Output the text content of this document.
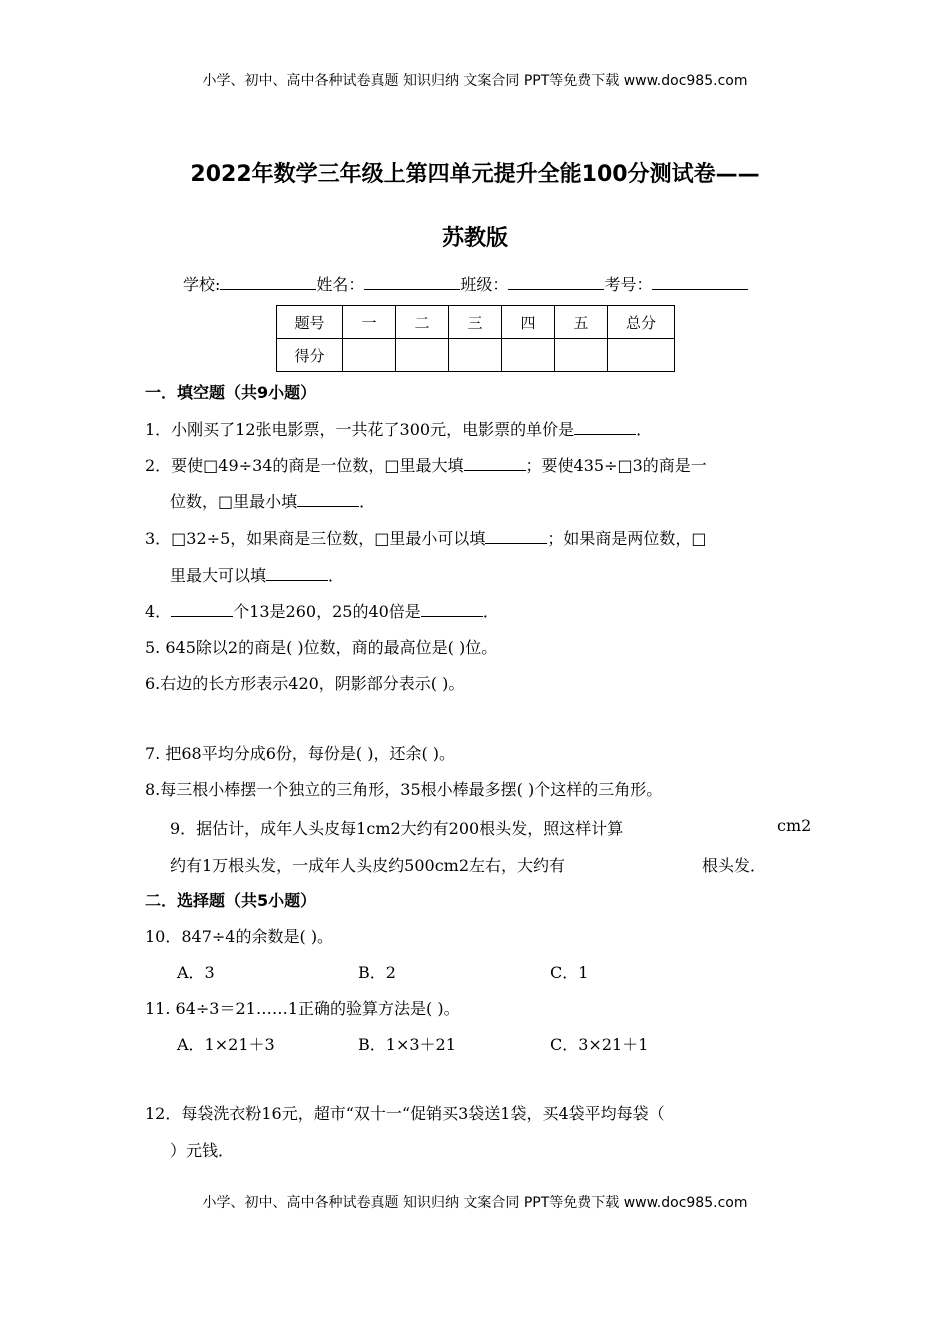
小学、初中、高中各种试卷真题 知识归纳 文案合同 PPT等免费下载 www.doc985.com
2022年数学三年级上第四单元提升全能100分测试卷——
苏教版
学校:	姓名：	班级：	考号：
题号	一	二	三	四	五	总分
得分						
一．填空题（共9小题）
1．小刚买了12张电影票，一共花了300元，电影票的单价是	．
2．要使□49÷34的商是一位数，□里最大填	；要使435÷□3的商是一
位数，□里最小填	．
3．□32÷5，如果商是三位数，□里最小可以填	；如果商是两位数，□
里最大可以填	．
4．	个13是260，25的40倍是	．
5. 645除以2的商是( )位数，商的最高位是( )位。
6.右边的长方形表示420，阴影部分表示( )。
7. 把68平均分成6份，每份是( )，还余( )。
8.每三根小棒摆一个独立的三角形，35根小棒最多摆( )个这样的三角形。
9．据估计，成年人头皮每1cm2大约有200根头发，照这样计算	cm2
约有1万根头发，一成年人头皮约500cm2左右，大约有	根头发．
二．选择题（共5小题）
10．847÷4的余数是( )。
A．3	B．2	C．1
11. 64÷3＝21……1正确的验算方法是( )。
A．1×21＋3	B．1×3＋21	C．3×21＋1
12．每袋洗衣粉16元，超市“双十一“促销买3袋送1袋，买4袋平均每袋（
）元钱．
小学、初中、高中各种试卷真题 知识归纳 文案合同 PPT等免费下载 www.doc985.com
